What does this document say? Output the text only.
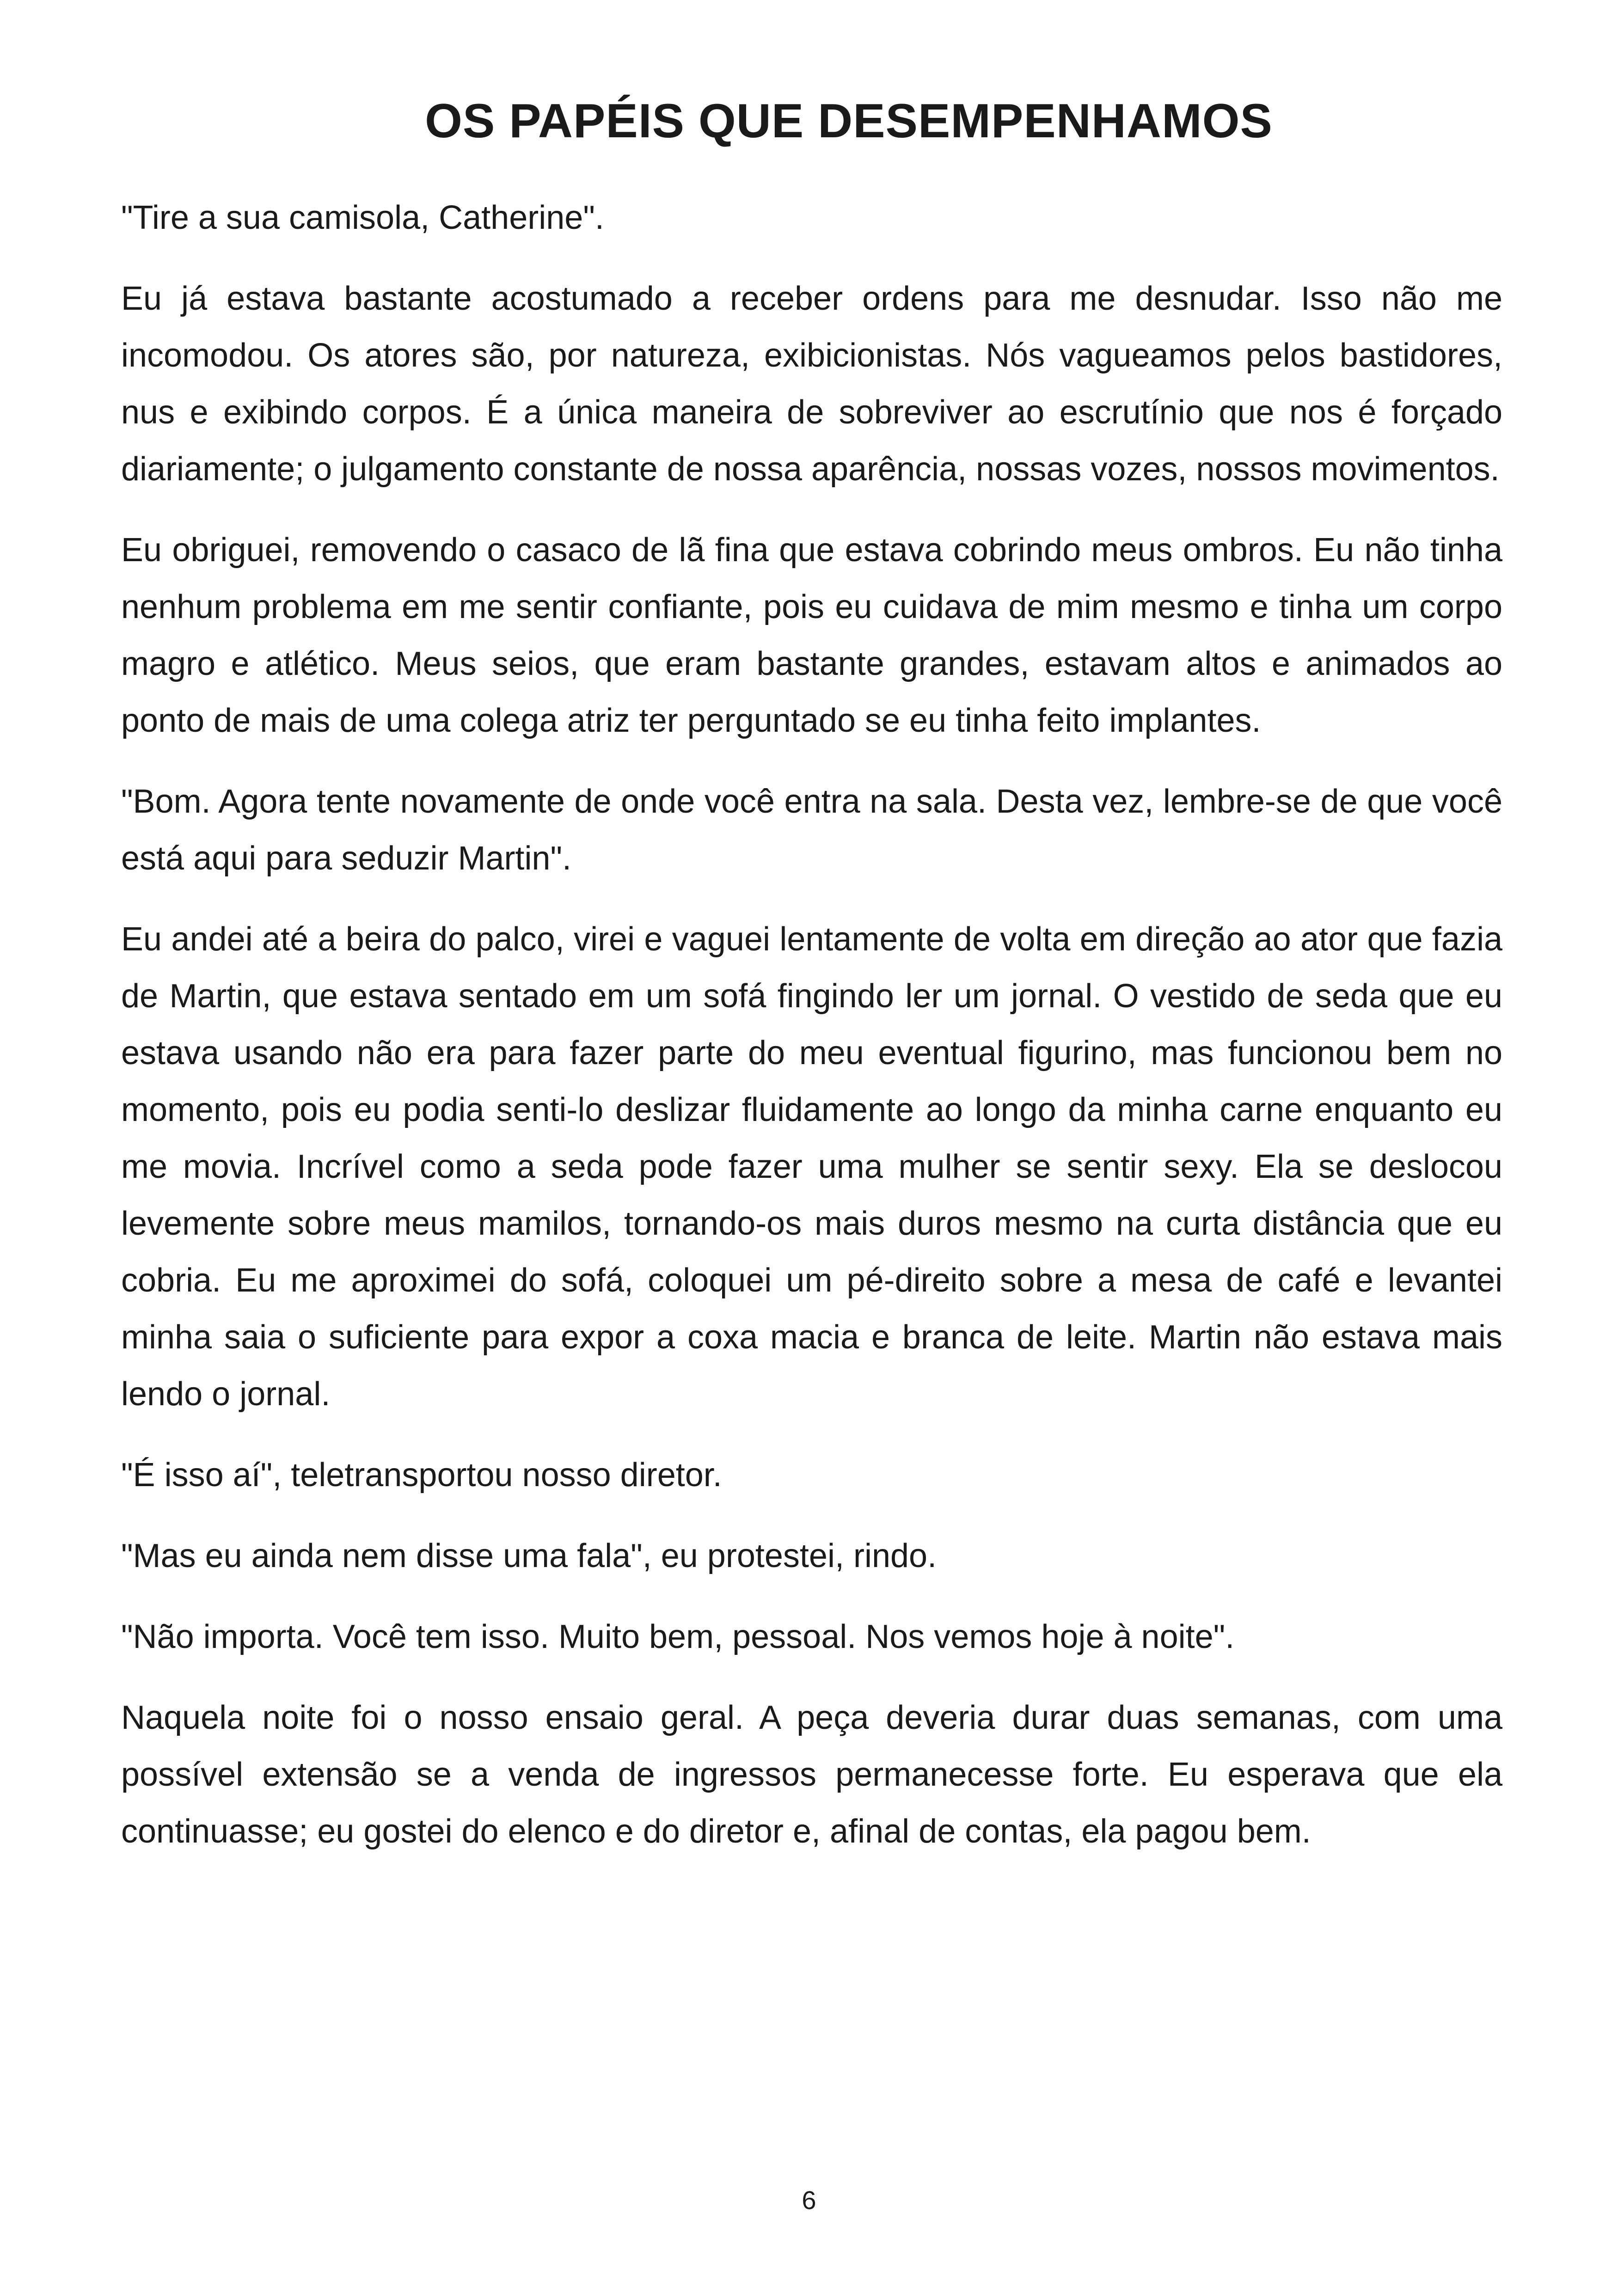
OS PAPÉIS QUE DESEMPENHAMOS

"Tire a sua camisola, Catherine".

Eu já estava bastante acostumado a receber ordens para me desnudar. Isso não me incomodou. Os atores são, por natureza, exibicionistas. Nós vagueamos pelos bastidores, nus e exibindo corpos. É a única maneira de sobreviver ao escrutínio que nos é forçado diariamente; o julgamento constante de nossa aparência, nossas vozes, nossos movimentos.

Eu obriguei, removendo o casaco de lã fina que estava cobrindo meus ombros. Eu não tinha nenhum problema em me sentir confiante, pois eu cuidava de mim mesmo e tinha um corpo magro e atlético. Meus seios, que eram bastante grandes, estavam altos e animados ao ponto de mais de uma colega atriz ter perguntado se eu tinha feito implantes.

"Bom. Agora tente novamente de onde você entra na sala. Desta vez, lembre-se de que você está aqui para seduzir Martin".

Eu andei até a beira do palco, virei e vaguei lentamente de volta em direção ao ator que fazia de Martin, que estava sentado em um sofá fingindo ler um jornal. O vestido de seda que eu estava usando não era para fazer parte do meu eventual figurino, mas funcionou bem no momento, pois eu podia senti-lo deslizar fluidamente ao longo da minha carne enquanto eu me movia. Incrível como a seda pode fazer uma mulher se sentir sexy. Ela se deslocou levemente sobre meus mamilos, tornando-os mais duros mesmo na curta distância que eu cobria. Eu me aproximei do sofá, coloquei um pé-direito sobre a mesa de café e levantei minha saia o suficiente para expor a coxa macia e branca de leite. Martin não estava mais lendo o jornal.

"É isso aí", teletransportou nosso diretor.

"Mas eu ainda nem disse uma fala", eu protestei, rindo.

"Não importa. Você tem isso. Muito bem, pessoal. Nos vemos hoje à noite".

Naquela noite foi o nosso ensaio geral. A peça deveria durar duas semanas, com uma possível extensão se a venda de ingressos permanecesse forte. Eu esperava que ela continuasse; eu gostei do elenco e do diretor e, afinal de contas, ela pagou bem.

6
